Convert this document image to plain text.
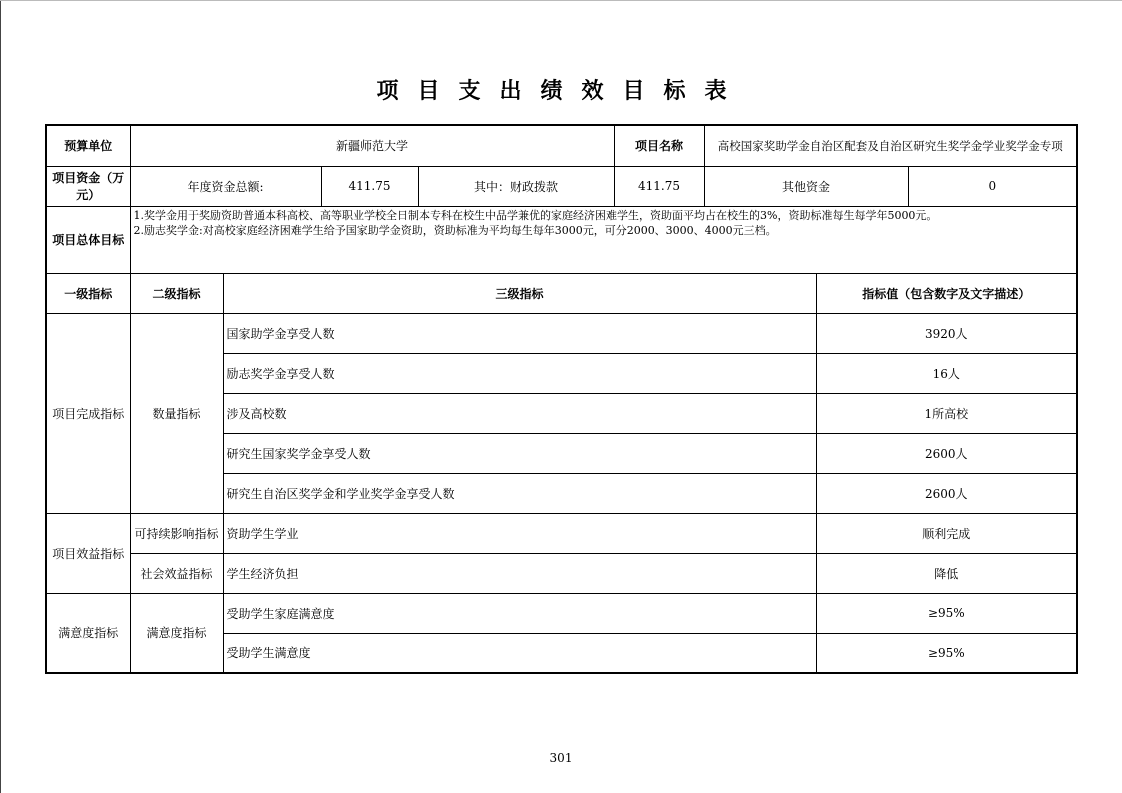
项目支出绩效目标表
预算单位	新疆师范大学				项目名称	高校国家奖助学金自治区配套及自治区研究生奖学金学业奖学金专项		
项目资金（万元）	年度资金总额:		411.75	其中：财政拨款	411.75	其他资金		0
项目总体目标	1.奖学金用于奖励资助普通本科高校、高等职业学校全日制本专科在校生中品学兼优的家庭经济困难学生，资助面平均占在校生的3%，资助标准每生每学年5000元。
2.励志奖学金:对高校家庭经济困难学生给予国家助学金资助，资助标准为平均每生每年3000元，可分2000、3000、4000元三档。							

一级指标	二级指标	三级指标					指标值（包含数字及文字描述）	
项目完成指标	数量指标	国家助学金享受人数					3920人	
		励志奖学金享受人数					16人	
		涉及高校数					1所高校	
		研究生国家奖学金享受人数					2600人	
		研究生自治区奖学金和学业奖学金享受人数					2600人	
项目效益指标	可持续影响指标	资助学生学业					顺利完成	
	社会效益指标	学生经济负担					降低	
满意度指标	满意度指标	受助学生家庭满意度					≥95%	
		受助学生满意度					≥95%	
301
